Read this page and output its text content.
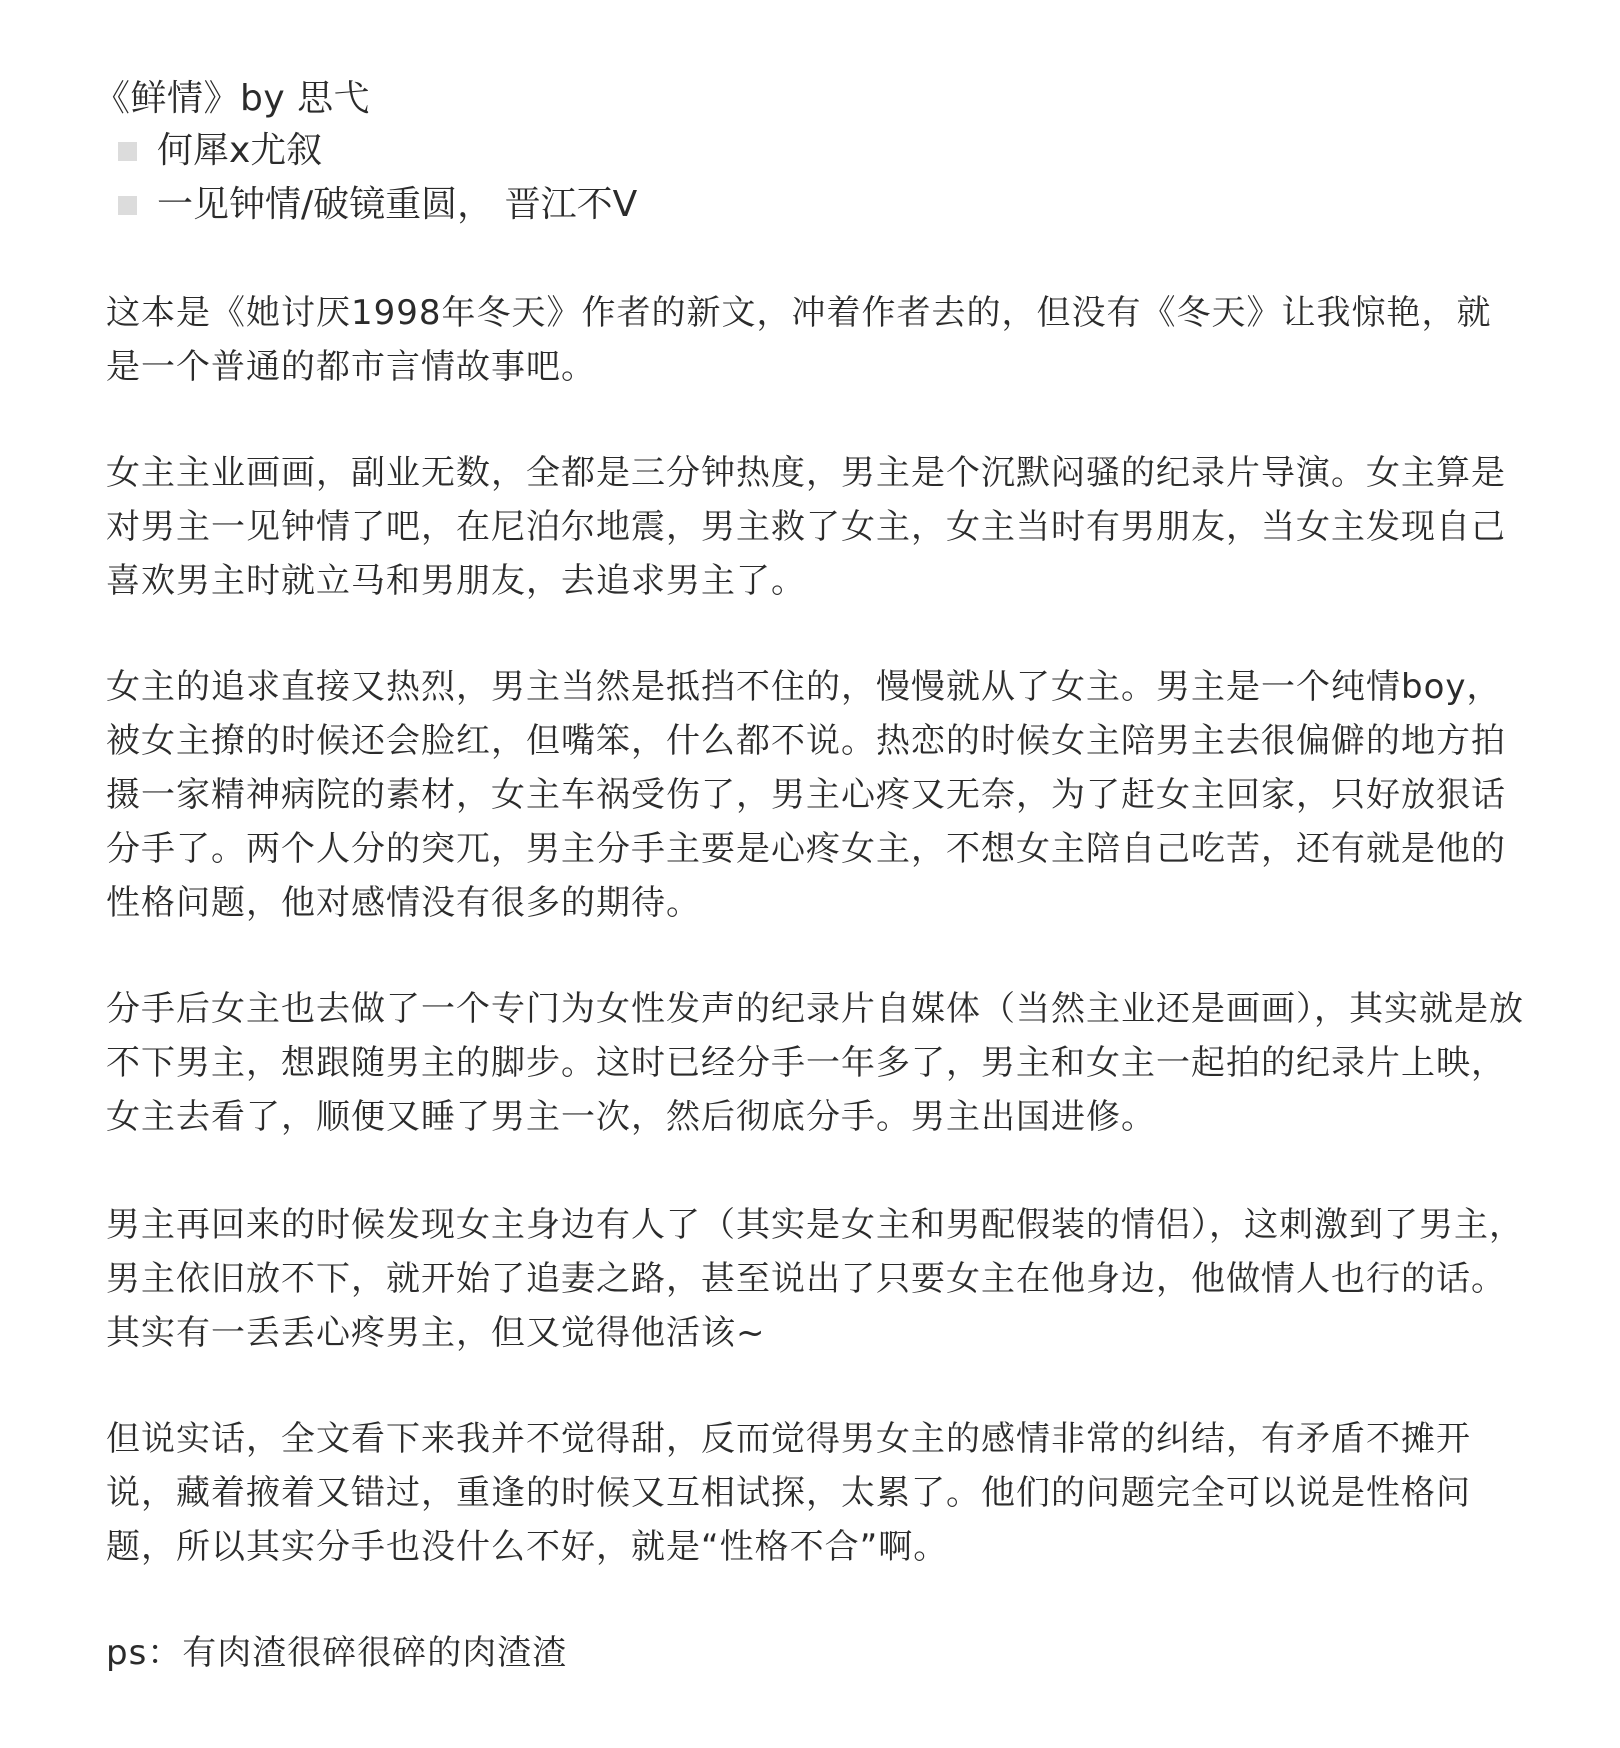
《鲜情》by 思弋
何犀x尤叙
一见钟情/破镜重圆， 晋江不V

这本是《她讨厌1998年冬天》作者的新文，冲着作者去的，但没有《冬天》让我惊艳，就是一个普通的都市言情故事吧。

女主主业画画，副业无数，全都是三分钟热度，男主是个沉默闷骚的纪录片导演。女主算是对男主一见钟情了吧，在尼泊尔地震，男主救了女主，女主当时有男朋友，当女主发现自己喜欢男主时就立马和男朋友，去追求男主了。

女主的追求直接又热烈，男主当然是抵挡不住的，慢慢就从了女主。男主是一个纯情boy，被女主撩的时候还会脸红，但嘴笨，什么都不说。热恋的时候女主陪男主去很偏僻的地方拍摄一家精神病院的素材，女主车祸受伤了，男主心疼又无奈，为了赶女主回家，只好放狠话分手了。两个人分的突兀，男主分手主要是心疼女主，不想女主陪自己吃苦，还有就是他的性格问题，他对感情没有很多的期待。

分手后女主也去做了一个专门为女性发声的纪录片自媒体（当然主业还是画画），其实就是放不下男主，想跟随男主的脚步。这时已经分手一年多了，男主和女主一起拍的纪录片上映，女主去看了，顺便又睡了男主一次，然后彻底分手。男主出国进修。

男主再回来的时候发现女主身边有人了（其实是女主和男配假装的情侣），这刺激到了男主，男主依旧放不下，就开始了追妻之路，甚至说出了只要女主在他身边，他做情人也行的话。其实有一丢丢心疼男主，但又觉得他活该~

但说实话，全文看下来我并不觉得甜，反而觉得男女主的感情非常的纠结，有矛盾不摊开说，藏着掖着又错过，重逢的时候又互相试探，太累了。他们的问题完全可以说是性格问题，所以其实分手也没什么不好，就是“性格不合”啊。

ps：有肉渣很碎很碎的肉渣渣
